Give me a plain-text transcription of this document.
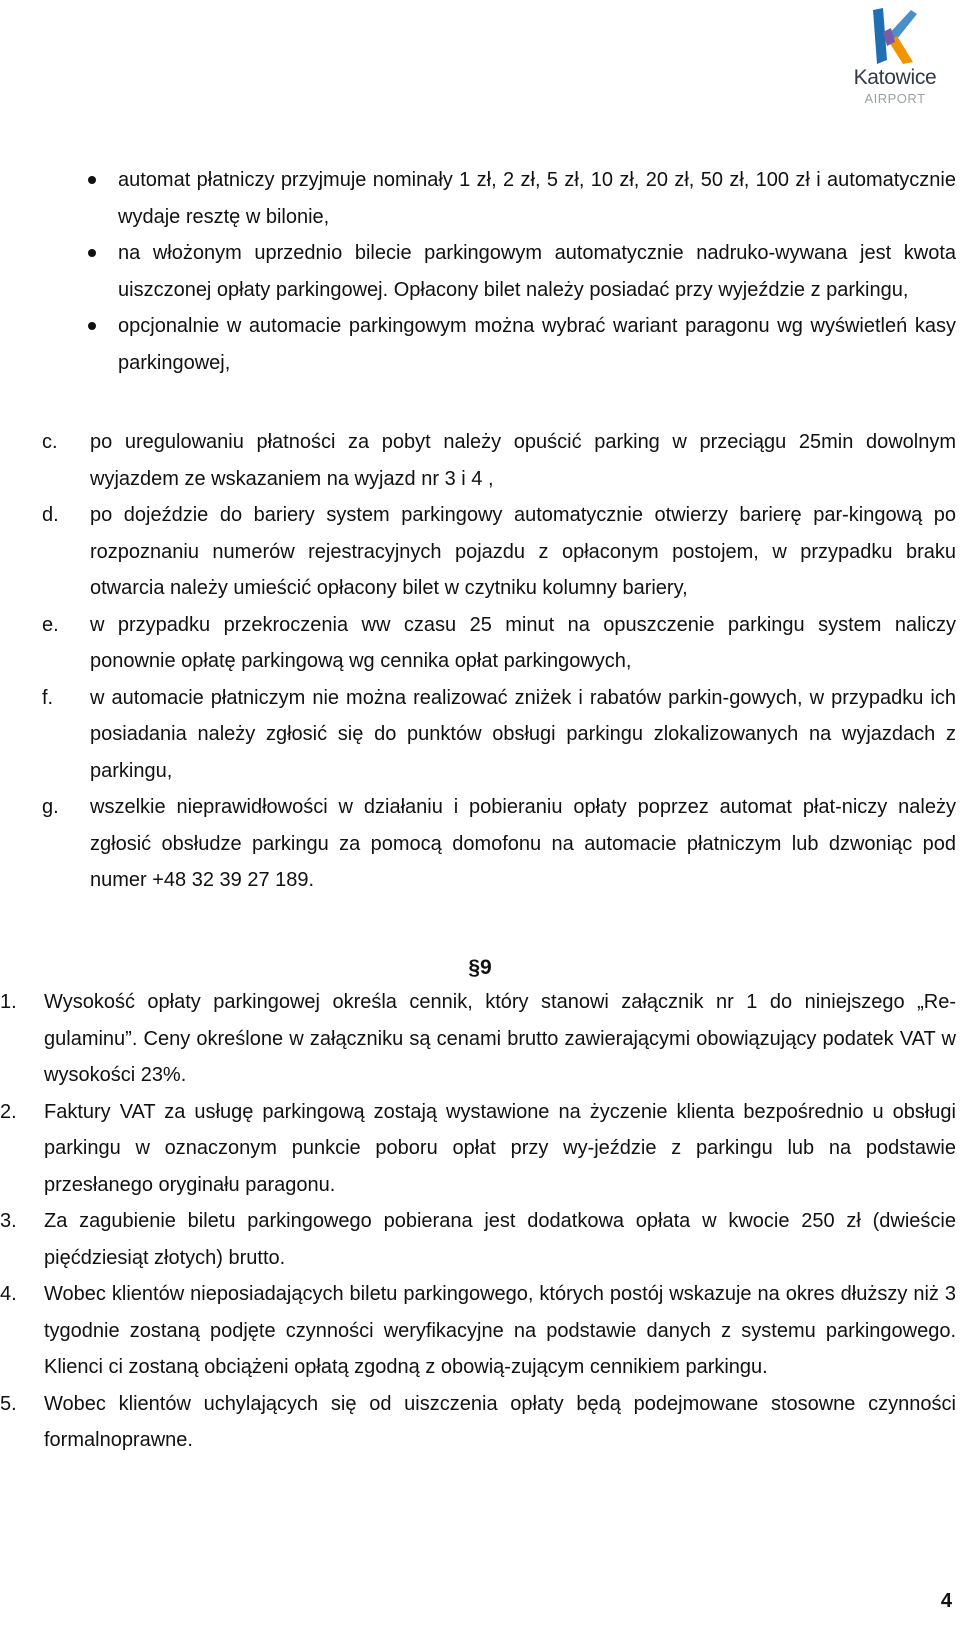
Katowice
AIRPORT
automat płatniczy przyjmuje nominały 1 zł, 2 zł, 5 zł, 10 zł, 20 zł, 50 zł, 100 zł i automatycznie wydaje resztę w bilonie,
na włożonym uprzednio bilecie parkingowym automatycznie nadruko-wywana jest kwota uiszczonej opłaty parkingowej. Opłacony bilet należy posiadać przy wyjeździe z parkingu,
opcjonalnie w automacie parkingowym można wybrać wariant paragonu wg wyświetleń kasy parkingowej,
c. po uregulowaniu płatności za pobyt należy opuścić parking w przeciągu 25min dowolnym wyjazdem ze wskazaniem na wyjazd nr 3 i 4 ,
d. po dojeździe do bariery system parkingowy automatycznie otwierzy barierę par-kingową po rozpoznaniu numerów rejestracyjnych pojazdu z opłaconym postojem, w przypadku braku otwarcia należy umieścić opłacony bilet w czytniku kolumny bariery,
e. w przypadku przekroczenia ww czasu 25 minut na opuszczenie parkingu system naliczy ponownie opłatę parkingową wg cennika opłat parkingowych,
f. w automacie płatniczym nie można realizować zniżek i rabatów parkin-gowych, w przypadku ich posiadania należy zgłosić się do punktów obsługi parkingu zlokalizowanych na wyjazdach z parkingu,
g. wszelkie nieprawidłowości w działaniu i pobieraniu opłaty poprzez automat płat-niczy należy zgłosić obsłudze parkingu za pomocą domofonu na automacie płatniczym lub dzwoniąc pod numer +48 32 39 27 189.
§9
1. Wysokość opłaty parkingowej określa cennik, który stanowi załącznik nr 1 do niniejszego „Re-gulaminu”. Ceny określone w załączniku są cenami brutto zawierającymi obowiązujący podatek VAT w wysokości 23%.
2. Faktury VAT za usługę parkingową zostają wystawione na życzenie klienta bezpośrednio u obsługi parkingu w oznaczonym punkcie poboru opłat przy wy-jeździe z parkingu lub na podstawie przesłanego oryginału paragonu.
3. Za zagubienie biletu parkingowego pobierana jest dodatkowa opłata w kwocie 250 zł (dwieście pięćdziesiąt złotych) brutto.
4. Wobec klientów nieposiadających biletu parkingowego, których postój wskazuje na okres dłuższy niż 3 tygodnie zostaną podjęte czynności weryfikacyjne na podstawie danych z systemu parkingowego. Klienci ci zostaną obciążeni opłatą zgodną z obowią-zującym cennikiem parkingu.
5. Wobec klientów uchylających się od uiszczenia opłaty będą podejmowane stosowne czynności formalnoprawne.
4
